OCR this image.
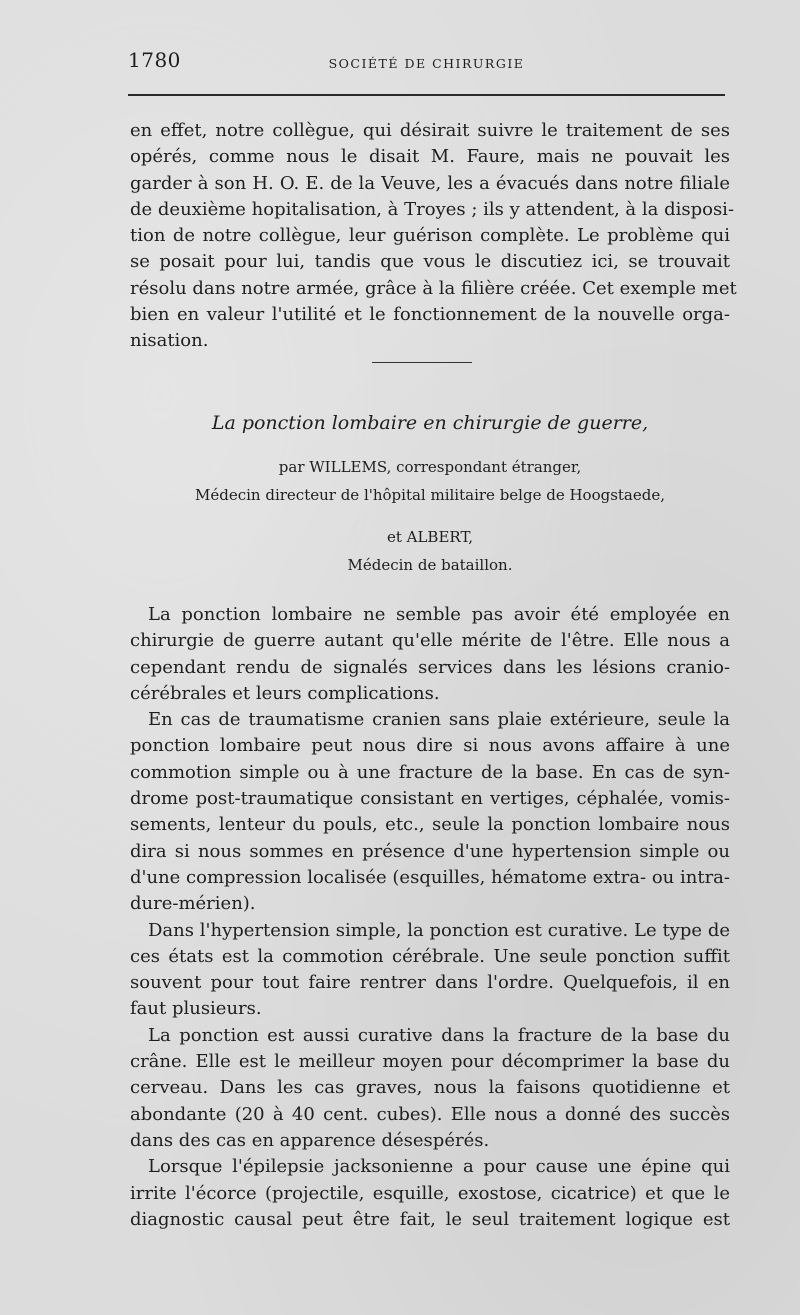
1780	SOCIÉTÉ DE CHIRURGIE
en effet, notre collègue, qui désirait suivre le traitement de ses
opérés, comme nous le disait M. Faure, mais ne pouvait les
garder à son H. O. E. de la Veuve, les a évacués dans notre filiale
de deuxième hopitalisation, à Troyes ; ils y attendent, à la disposi-
tion de notre collègue, leur guérison complète. Le problème qui
se posait pour lui, tandis que vous le discutiez ici, se trouvait
résolu dans notre armée, grâce à la filière créée. Cet exemple met
bien en valeur l'utilité et le fonctionnement de la nouvelle orga-
nisation.
La ponction lombaire en chirurgie de guerre,
par WILLEMS, correspondant étranger,
Médecin directeur de l'hôpital militaire belge de Hoogstaede,
et ALBERT,
Médecin de bataillon.
La ponction lombaire ne semble pas avoir été employée en
chirurgie de guerre autant qu'elle mérite de l'être. Elle nous a
cependant rendu de signalés services dans les lésions cranio-
cérébrales et leurs complications.
En cas de traumatisme cranien sans plaie extérieure, seule la
ponction lombaire peut nous dire si nous avons affaire à une
commotion simple ou à une fracture de la base. En cas de syn-
drome post-traumatique consistant en vertiges, céphalée, vomis-
sements, lenteur du pouls, etc., seule la ponction lombaire nous
dira si nous sommes en présence d'une hypertension simple ou
d'une compression localisée (esquilles, hématome extra- ou intra-
dure-mérien).
Dans l'hypertension simple, la ponction est curative. Le type de
ces états est la commotion cérébrale. Une seule ponction suffit
souvent pour tout faire rentrer dans l'ordre. Quelquefois, il en
faut plusieurs.
La ponction est aussi curative dans la fracture de la base du
crâne. Elle est le meilleur moyen pour décomprimer la base du
cerveau. Dans les cas graves, nous la faisons quotidienne et
abondante (20 à 40 cent. cubes). Elle nous a donné des succès
dans des cas en apparence désespérés.
Lorsque l'épilepsie jacksonienne a pour cause une épine qui
irrite l'écorce (projectile, esquille, exostose, cicatrice) et que le
diagnostic causal peut être fait, le seul traitement logique est
